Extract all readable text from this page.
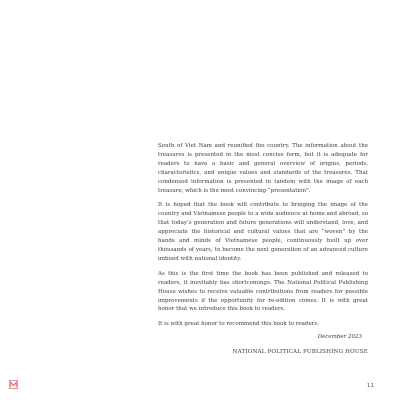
South of Viet Nam and reunified the country. The information about the treasures is presented in the most concise form, but it is adequate for readers to have a basic and general overview of origins, periods, characteristics, and unique values and standards of the treasures. That condensed information is presented in tandem with the image of each treasure, which is the most convincing “presentation”.

It is hoped that the book will contribute to bringing the image of the country and Vietnamese people to a wide audience at home and abroad, so that today’s generation and future generations will understand, love, and appreciate the historical and cultural values that are “woven” by the hands and minds of Vietnamese people, continuously built up over thousands of years, to become the next generation of an advanced culture imbued with national identity.

As this is the first time the book has been published and released to readers, it inevitably has shortcomings. The National Political Publishing House wishes to receive valuable contributions from readers for possible improvements if the opportunity for re-edition comes. It is with great honor that we introduce this book to readers.

It is with great honor to recommend this book to readers.

December 2023

NATIONAL POLITICAL PUBLISHING HOUSE

11
